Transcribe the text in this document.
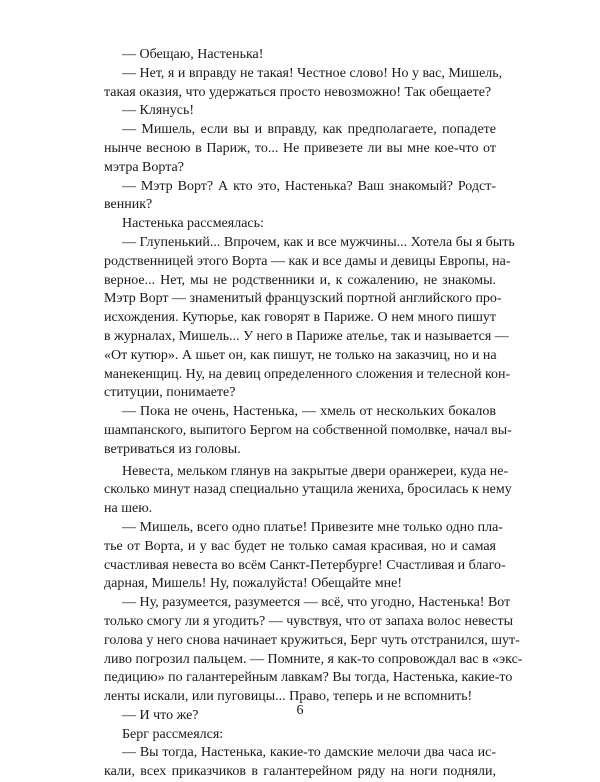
— Обещаю, Настенька!
— Нет, я и вправду не такая! Честное слово! Но у вас, Мишель,
такая оказия, что удержаться просто невозможно! Так обещаете?
— Клянусь!
— Мишель, если вы и вправду, как предполагаете, попадете
нынче весною в Париж, то... Не привезете ли вы мне кое-что от
мэтра Ворта?
— Мэтр Ворт? А кто это, Настенька? Ваш знакомый? Родст-
венник?
Настенька рассмеялась:
— Глупенький... Впрочем, как и все мужчины... Хотела бы я быть
родственницей этого Ворта — как и все дамы и девицы Европы, на-
верное... Нет, мы не родственники и, к сожалению, не знакомы.
Мэтр Ворт — знаменитый французский портной английского про-
исхождения. Кутюрье, как говорят в Париже. О нем много пишут
в журналах, Мишель... У него в Париже ателье, так и называется —
«От кутюр». А шьет он, как пишут, не только на заказчиц, но и на
манекенщиц. Ну, на девиц определенного сложения и телесной кон-
ституции, понимаете?
— Пока не очень, Настенька, — хмель от нескольких бокалов
шампанского, выпитого Бергом на собственной помолвке, начал вы-
ветриваться из головы.
Невеста, мельком глянув на закрытые двери оранжереи, куда не-
сколько минут назад специально утащила жениха, бросилась к нему
на шею.
— Мишель, всего одно платье! Привезите мне только одно пла-
тье от Ворта, и у вас будет не только самая красивая, но и самая
счастливая невеста во всём Санкт-Петербурге! Счастливая и благо-
дарная, Мишель! Ну, пожалуйста! Обещайте мне!
— Ну, разумеется, разумеется — всё, что угодно, Настенька! Вот
только смогу ли я угодить? — чувствуя, что от запаха волос невесты
голова у него снова начинает кружиться, Берг чуть отстранился, шут-
ливо погрозил пальцем. — Помните, я как-то сопровождал вас в «экс-
педицию» по галантерейным лавкам? Вы тогда, Настенька, какие-то
ленты искали, или пуговицы... Право, теперь и не вспомнить!
— И что же?
Берг рассмеялся:
— Вы тогда, Настенька, какие-то дамские мелочи два часа ис-
кали, всех приказчиков в галантерейном ряду на ноги подняли,
6
